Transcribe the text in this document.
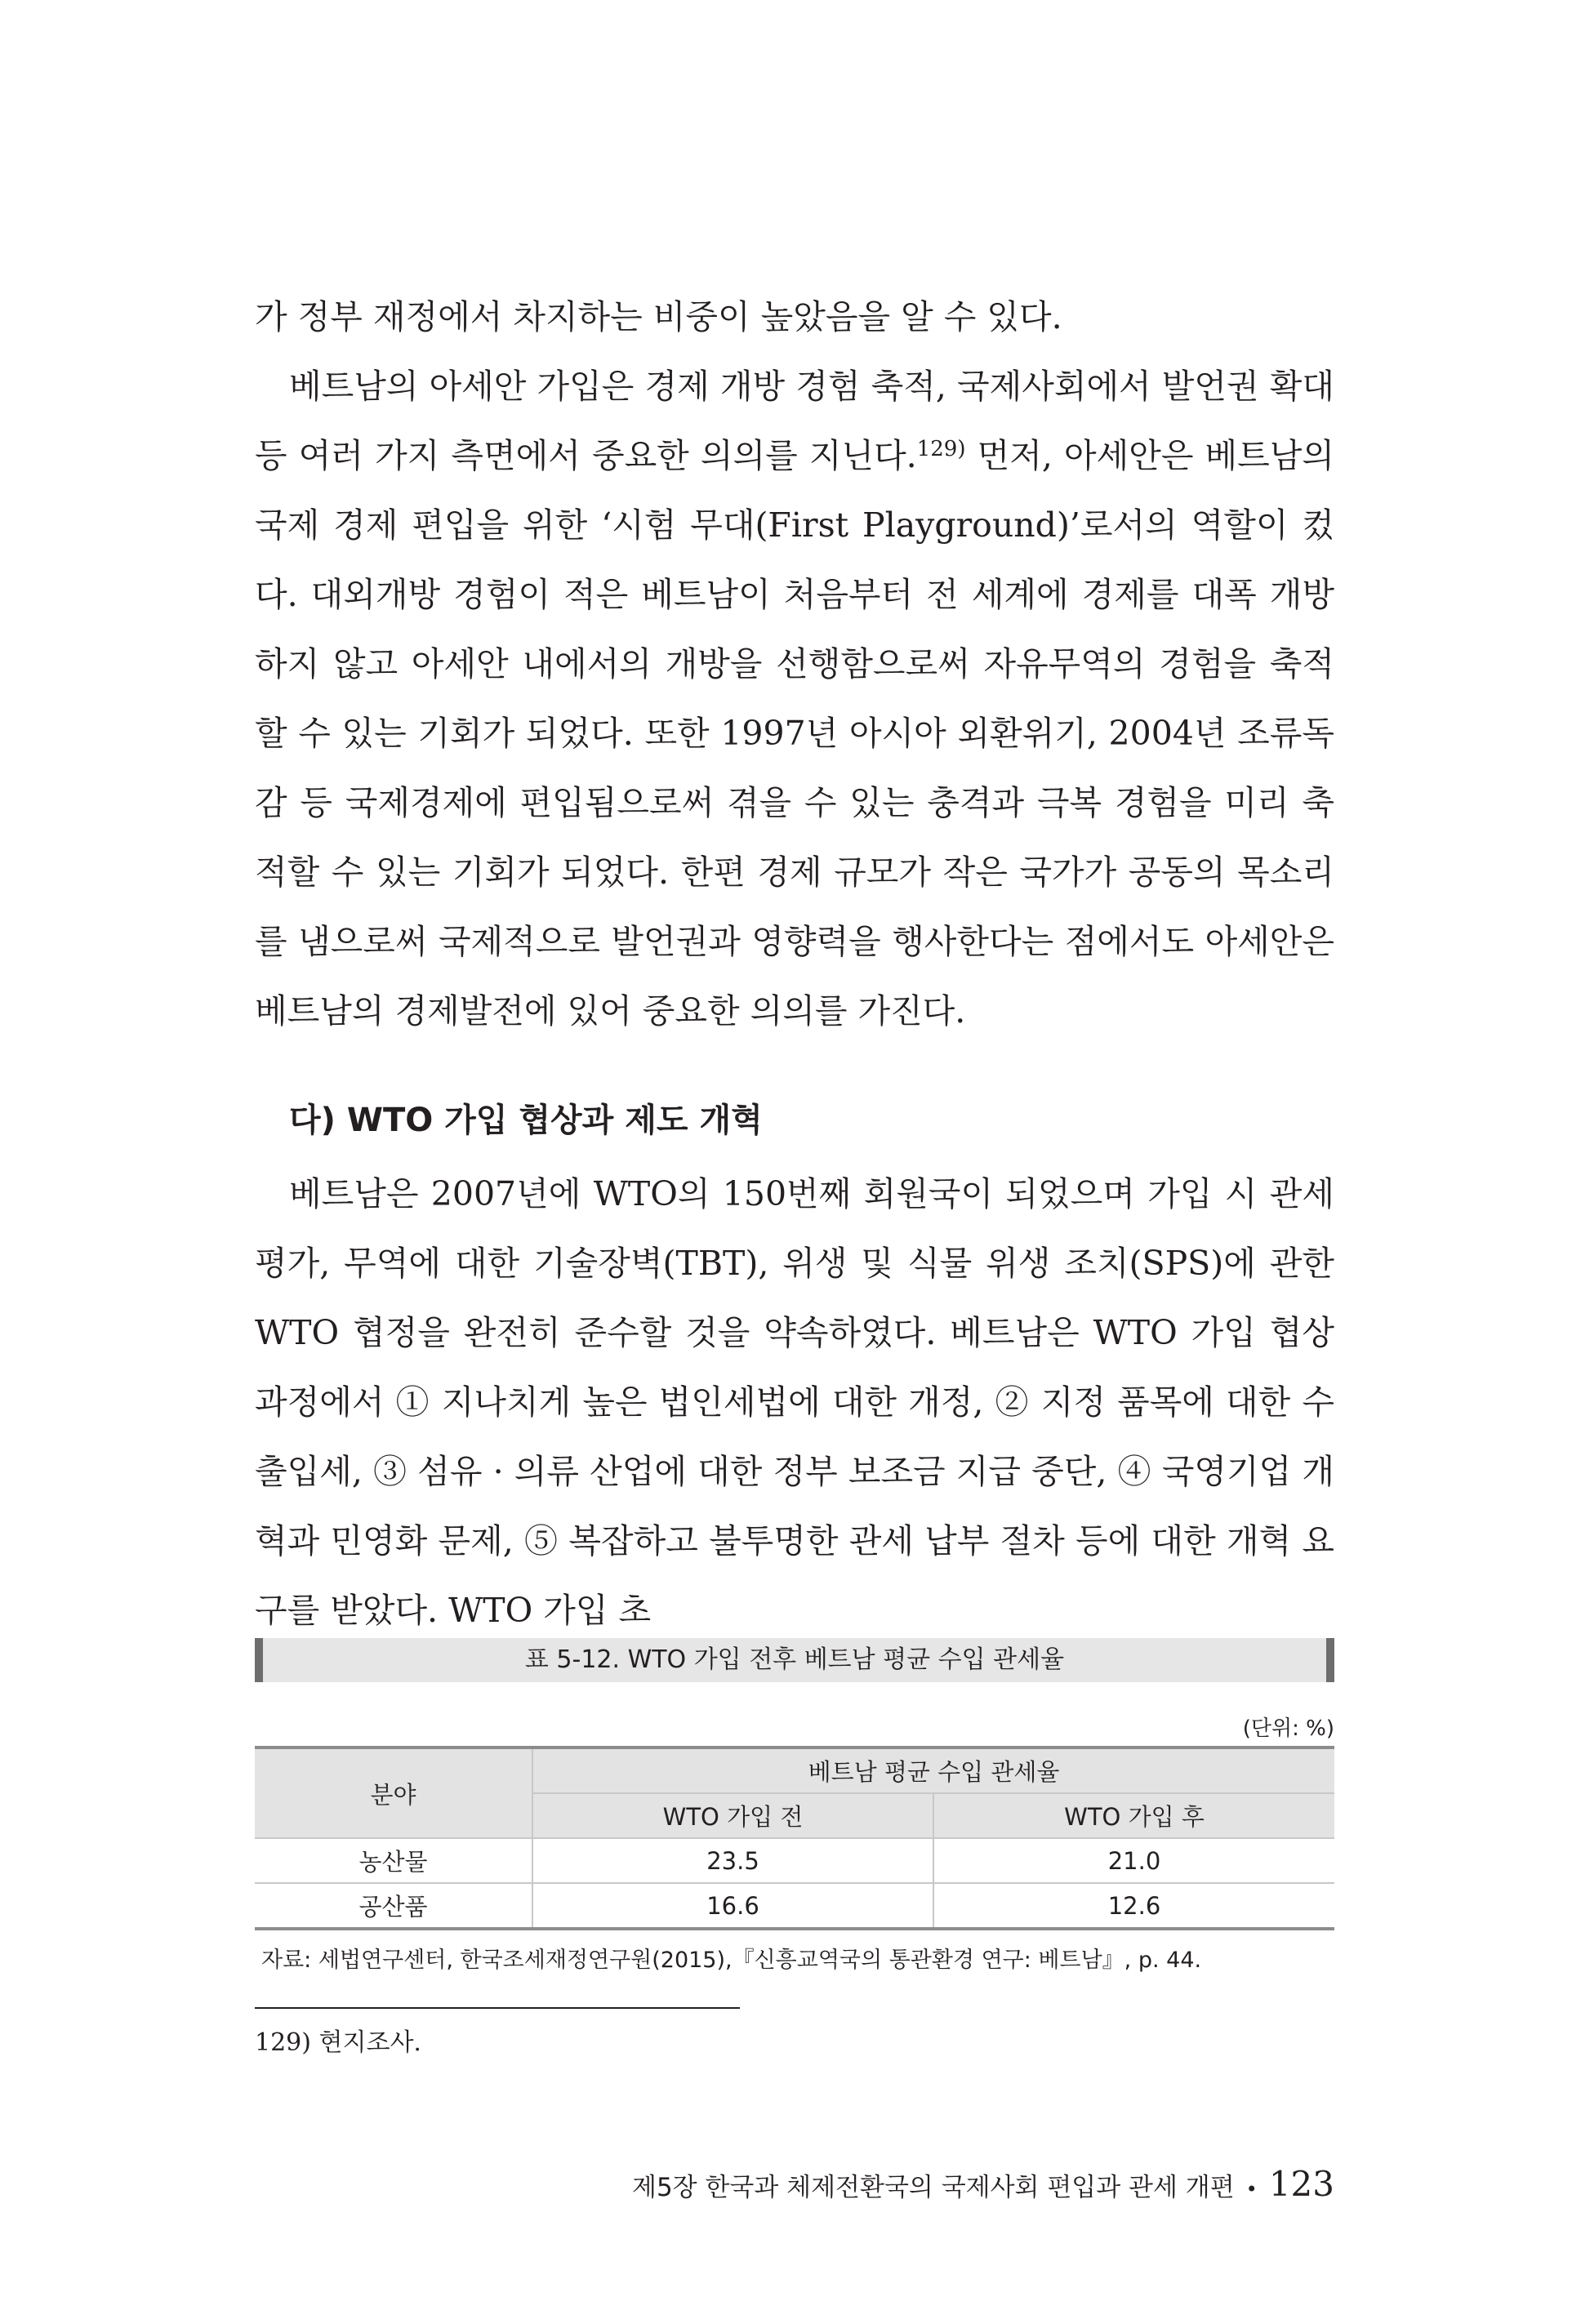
가 정부 재정에서 차지하는 비중이 높았음을 알 수 있다.

베트남의 아세안 가입은 경제 개방 경험 축적, 국제사회에서 발언권 확대 등 여러 가지 측면에서 중요한 의의를 지닌다.$^{129)}$ 먼저, 아세안은 베트남의 국제 경제 편입을 위한 ‘시험 무대(First Playground)’로서의 역할이 컸다. 대외개방 경험이 적은 베트남이 처음부터 전 세계에 경제를 대폭 개방하지 않고 아세안 내에서의 개방을 선행함으로써 자유무역의 경험을 축적할 수 있는 기회가 되었다. 또한 1997년 아시아 외환위기, 2004년 조류독감 등 국제경제에 편입됨으로써 겪을 수 있는 충격과 극복 경험을 미리 축적할 수 있는 기회가 되었다. 한편 경제 규모가 작은 국가가 공동의 목소리를 냄으로써 국제적으로 발언권과 영향력을 행사한다는 점에서도 아세안은 베트남의 경제발전에 있어 중요한 의의를 가진다.

다) WTO 가입 협상과 제도 개혁

베트남은 2007년에 WTO의 150번째 회원국이 되었으며 가입 시 관세평가, 무역에 대한 기술장벽(TBT), 위생 및 식물 위생 조치(SPS)에 관한 WTO 협정을 완전히 준수할 것을 약속하였다. 베트남은 WTO 가입 협상 과정에서 ① 지나치게 높은 법인세법에 대한 개정, ② 지정 품목에 대한 수출입세, ③ 섬유 · 의류 산업에 대한 정부 보조금 지급 중단, ④ 국영기업 개혁과 민영화 문제, ⑤ 복잡하고 불투명한 관세 납부 절차 등에 대한 개혁 요구를 받았다. WTO 가입 초

표 5-12. WTO 가입 전후 베트남 평균 수입 관세율
(단위: %)
분야	베트남 평균 수입 관세율	
	WTO 가입 전	WTO 가입 후
농산물	23.5	21.0
공산품	16.6	12.6
자료: 세법연구센터, 한국조세재정연구원(2015),『신흥교역국의 통관환경 연구: 베트남』, p. 44.
129) 현지조사.
제5장 한국과 체제전환국의 국제사회 편입과 관세 개편 • 123
